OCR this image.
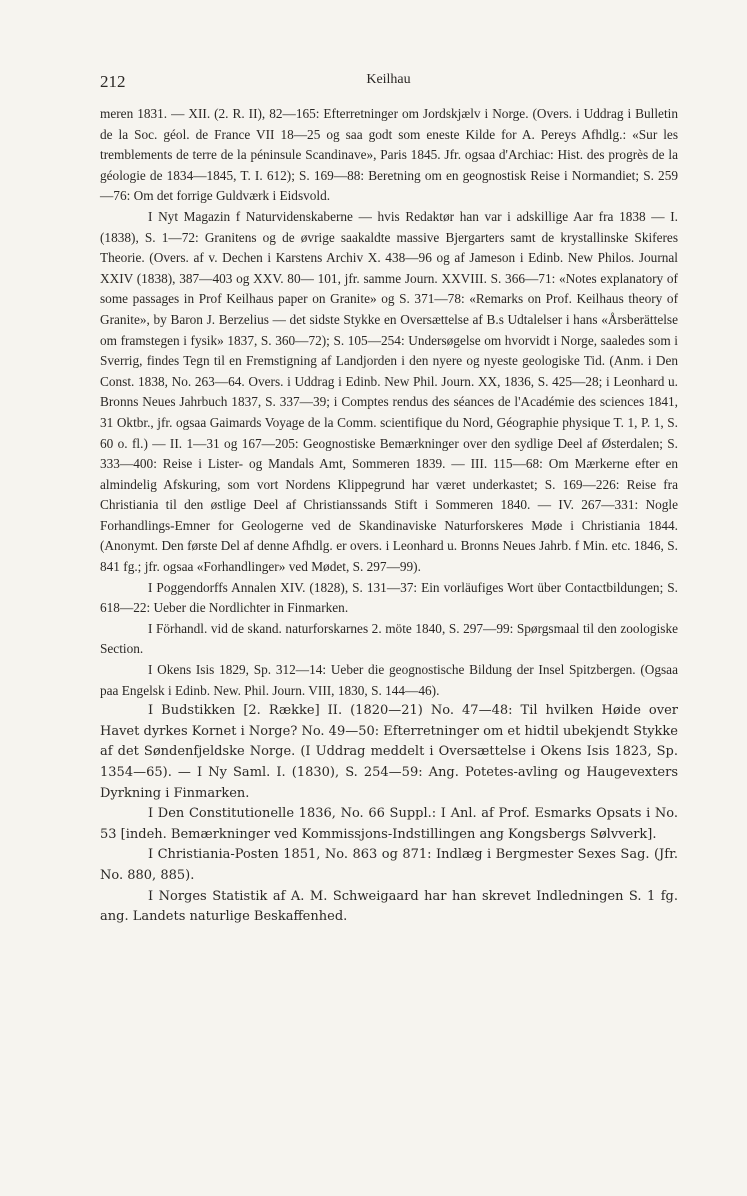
212	Keilhau

meren 1831. — XII. (2. R. II), 82—165: Efterretninger om Jordskjælv i Norge. (Overs. i Uddrag i Bulletin de la Soc. géol. de France VII 18—25 og saa godt som eneste Kilde for A. Pereys Afhdlg.: «Sur les tremblements de terre de la péninsule Scandinave», Paris 1845. Jfr. ogsaa d'Archiac: Hist. des progrès de la géologie de 1834—1845, T. I. 612); S. 169—88: Beretning om en geognostisk Reise i Normandiet; S. 259—76: Om det forrige Guldværk i Eidsvold.

I Nyt Magazin f Naturvidenskaberne — hvis Redaktør han var i adskillige Aar fra 1838 — I. (1838), S. 1—72: Granitens og de øvrige saakaldte massive Bjergarters samt de krystallinske Skiferes Theorie. (Overs. af v. Dechen i Karstens Archiv X. 438—96 og af Jameson i Edinb. New Philos. Journal XXIV (1838), 387—403 og XXV. 80— 101, jfr. samme Journ. XXVIII. S. 366—71: «Notes explanatory of some passages in Prof Keilhaus paper on Granite» og S. 371—78: «Remarks on Prof. Keilhaus theory of Granite», by Baron J. Berzelius — det sidste Stykke en Oversættelse af B.s Udtalelser i hans «Årsberättelse om framstegen i fysik» 1837, S. 360—72); S. 105—254: Undersøgelse om hvorvidt i Norge, saaledes som i Sverrig, findes Tegn til en Fremstigning af Landjorden i den nyere og nyeste geologiske Tid. (Anm. i Den Const. 1838, No. 263—64. Overs. i Uddrag i Edinb. New Phil. Journ. XX, 1836, S. 425—28; i Leonhard u. Bronns Neues Jahrbuch 1837, S. 337—39; i Comptes rendus des séances de l'Académie des sciences 1841, 31 Oktbr., jfr. ogsaa Gaimards Voyage de la Comm. scientifique du Nord, Géographie physique T. 1, P. 1, S. 60 o. fl.) — II. 1—31 og 167—205: Geognostiske Bemærkninger over den sydlige Deel af Østerdalen; S. 333—400: Reise i Lister- og Mandals Amt, Sommeren 1839. — III. 115—68: Om Mærkerne efter en almindelig Afskuring, som vort Nordens Klippegrund har været underkastet; S. 169—226: Reise fra Christiania til den østlige Deel af Christianssands Stift i Sommeren 1840. — IV. 267—331: Nogle Forhandlings-Emner for Geologerne ved de Skandinaviske Naturforskeres Møde i Christiania 1844. (Anonymt. Den første Del af denne Afhdlg. er overs. i Leonhard u. Bronns Neues Jahrb. f Min. etc. 1846, S. 841 fg.; jfr. ogsaa «Forhandlinger» ved Mødet, S. 297—99).

I Poggendorffs Annalen XIV. (1828), S. 131—37: Ein vorläufiges Wort über Contactbildungen; S. 618—22: Ueber die Nordlichter in Finmarken.

I Förhandl. vid de skand. naturforskarnes 2. möte 1840, S. 297—99: Spørgsmaal til den zoologiske Section.

I Okens Isis 1829, Sp. 312—14: Ueber die geognostische Bildung der Insel Spitzbergen. (Ogsaa paa Engelsk i Edinb. New. Phil. Journ. VIII, 1830, S. 144—46).

I Budstikken [2. Række] II. (1820—21) No. 47—48: Til hvilken Høide over Havet dyrkes Kornet i Norge? No. 49—50: Efterretninger om et hidtil ubekjendt Stykke af det Søndenfjeldske Norge. (I Uddrag meddelt i Oversættelse i Okens Isis 1823, Sp. 1354—65). — I Ny Saml. I. (1830), S. 254—59: Ang. Potetes-avling og Haugevexters Dyrkning i Finmarken.

I Den Constitutionelle 1836, No. 66 Suppl.: I Anl. af Prof. Esmarks Opsats i No. 53 [indeh. Bemærkninger ved Kommissjons-Indstillingen ang Kongsbergs Sølvverk].

I Christiania-Posten 1851, No. 863 og 871: Indlæg i Bergmester Sexes Sag. (Jfr. No. 880, 885).

I Norges Statistik af A. M. Schweigaard har han skrevet Indledningen S. 1 fg. ang. Landets naturlige Beskaffenhed.
